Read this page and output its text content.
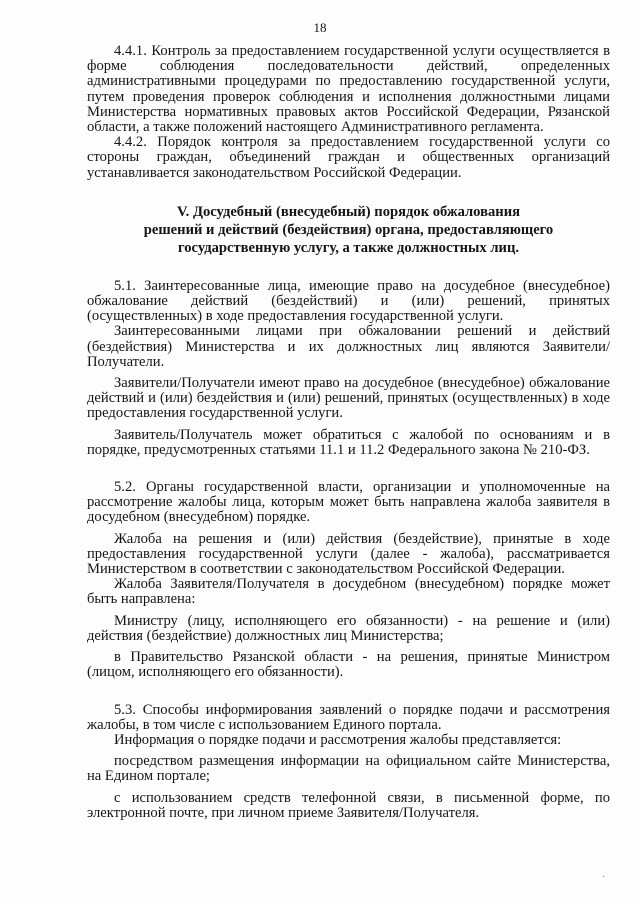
18

4.4.1. Контроль за предоставлением государственной услуги осуществляется в форме соблюдения последовательности действий, определенных административными процедурами по предоставлению государственной услуги, путем проведения проверок соблюдения и исполнения должностными лицами Министерства нормативных правовых актов Российской Федерации, Рязанской области, а также положений настоящего Административного регламента.

4.4.2. Порядок контроля за предоставлением государственной услуги со стороны граждан, объединений граждан и общественных организаций устанавливается законодательством Российской Федерации.

V. Досудебный (внесудебный) порядок обжалования
решений и действий (бездействия) органа, предоставляющего
государственную услугу, а также должностных лиц.

5.1. Заинтересованные лица, имеющие право на досудебное (внесудебное) обжалование действий (бездействий) и (или) решений, принятых (осуществленных) в ходе предоставления государственной услуги.

Заинтересованными лицами при обжаловании решений и действий (бездействия) Министерства и их должностных лиц являются Заявители/Получатели.

Заявители/Получатели имеют право на досудебное (внесудебное) обжалование действий и (или) бездействия и (или) решений, принятых (осуществленных) в ходе предоставления государственной услуги.

Заявитель/Получатель может обратиться с жалобой по основаниям и в порядке, предусмотренных статьями 11.1 и 11.2 Федерального закона № 210-ФЗ.

5.2. Органы государственной власти, организации и уполномоченные на рассмотрение жалобы лица, которым может быть направлена жалоба заявителя в досудебном (внесудебном) порядке.

Жалоба на решения и (или) действия (бездействие), принятые в ходе предоставления государственной услуги (далее - жалоба), рассматривается Министерством в соответствии с законодательством Российской Федерации.

Жалоба Заявителя/Получателя в досудебном (внесудебном) порядке может быть направлена:

Министру (лицу, исполняющего его обязанности) - на решение и (или) действия (бездействие) должностных лиц Министерства;

в Правительство Рязанской области - на решения, принятые Министром (лицом, исполняющего его обязанности).

5.3. Способы информирования заявлений о порядке подачи и рассмотрения жалобы, в том числе с использованием Единого портала.

Информация о порядке подачи и рассмотрения жалобы представляется:

посредством размещения информации на официальном сайте Министерства, на Едином портале;

с использованием средств телефонной связи, в письменной форме, по электронной почте, при личном приеме Заявителя/Получателя.

·
